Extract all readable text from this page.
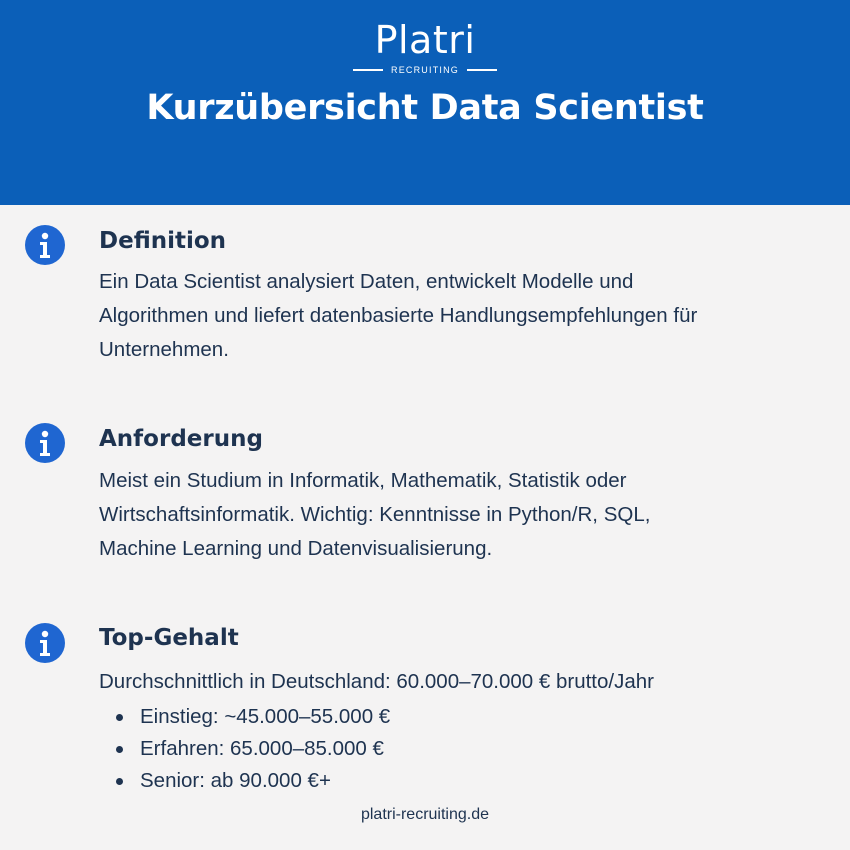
Platri
RECRUITING
Kurzübersicht Data Scientist
Definition
Ein Data Scientist analysiert Daten, entwickelt Modelle und
Algorithmen und liefert datenbasierte Handlungsempfehlungen für
Unternehmen.
Anforderung
Meist ein Studium in Informatik, Mathematik, Statistik oder
Wirtschaftsinformatik. Wichtig: Kenntnisse in Python/R, SQL,
Machine Learning und Datenvisualisierung.
Top-Gehalt
Durchschnittlich in Deutschland: 60.000–70.000 € brutto/Jahr
Einstieg: ~45.000–55.000 €
Erfahren: 65.000–85.000 €
Senior: ab 90.000 €+
platri-recruiting.de
